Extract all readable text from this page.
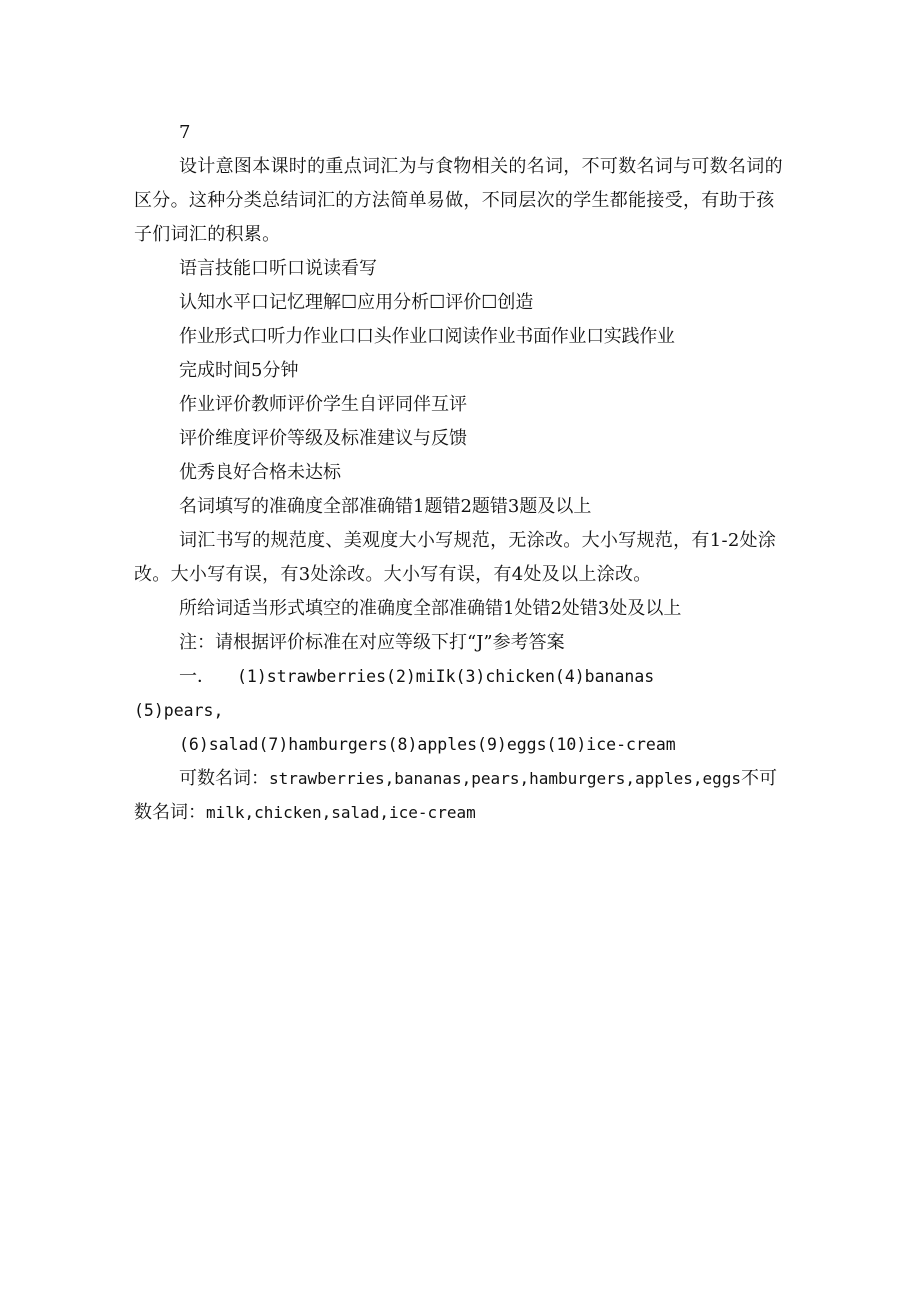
7
设计意图本课时的重点词汇为与食物相关的名词，不可数名词与可数名词的区分。这种分类总结词汇的方法简单易做，不同层次的学生都能接受，有助于孩子们词汇的积累。
语言技能口听口说读看写
认知水平口记忆理解☐应用分析☐评价☐创造
作业形式口听力作业口口头作业口阅读作业书面作业口实践作业
完成时间5分钟
作业评价教师评价学生自评同伴互评
评价维度评价等级及标准建议与反馈
优秀良好合格未达标
名词填写的准确度全部准确错1题错2题错3题及以上
词汇书写的规范度、美观度大小写规范，无涂改。大小写规范，有1-2处涂改。大小写有误，有3处涂改。大小写有误，有4处及以上涂改。
所给词适当形式填空的准确度全部准确错1处错2处错3处及以上
注：请根据评价标准在对应等级下打“J”参考答案
一． (1)strawberries(2)miIk(3)chicken(4)bananas
(5)pears,
(6)salad(7)hamburgers(8)apples(9)eggs(10)ice-cream
可数名词：strawberries,bananas,pears,hamburgers,apples,eggs不可数名词：milk,chicken,salad,ice-cream
